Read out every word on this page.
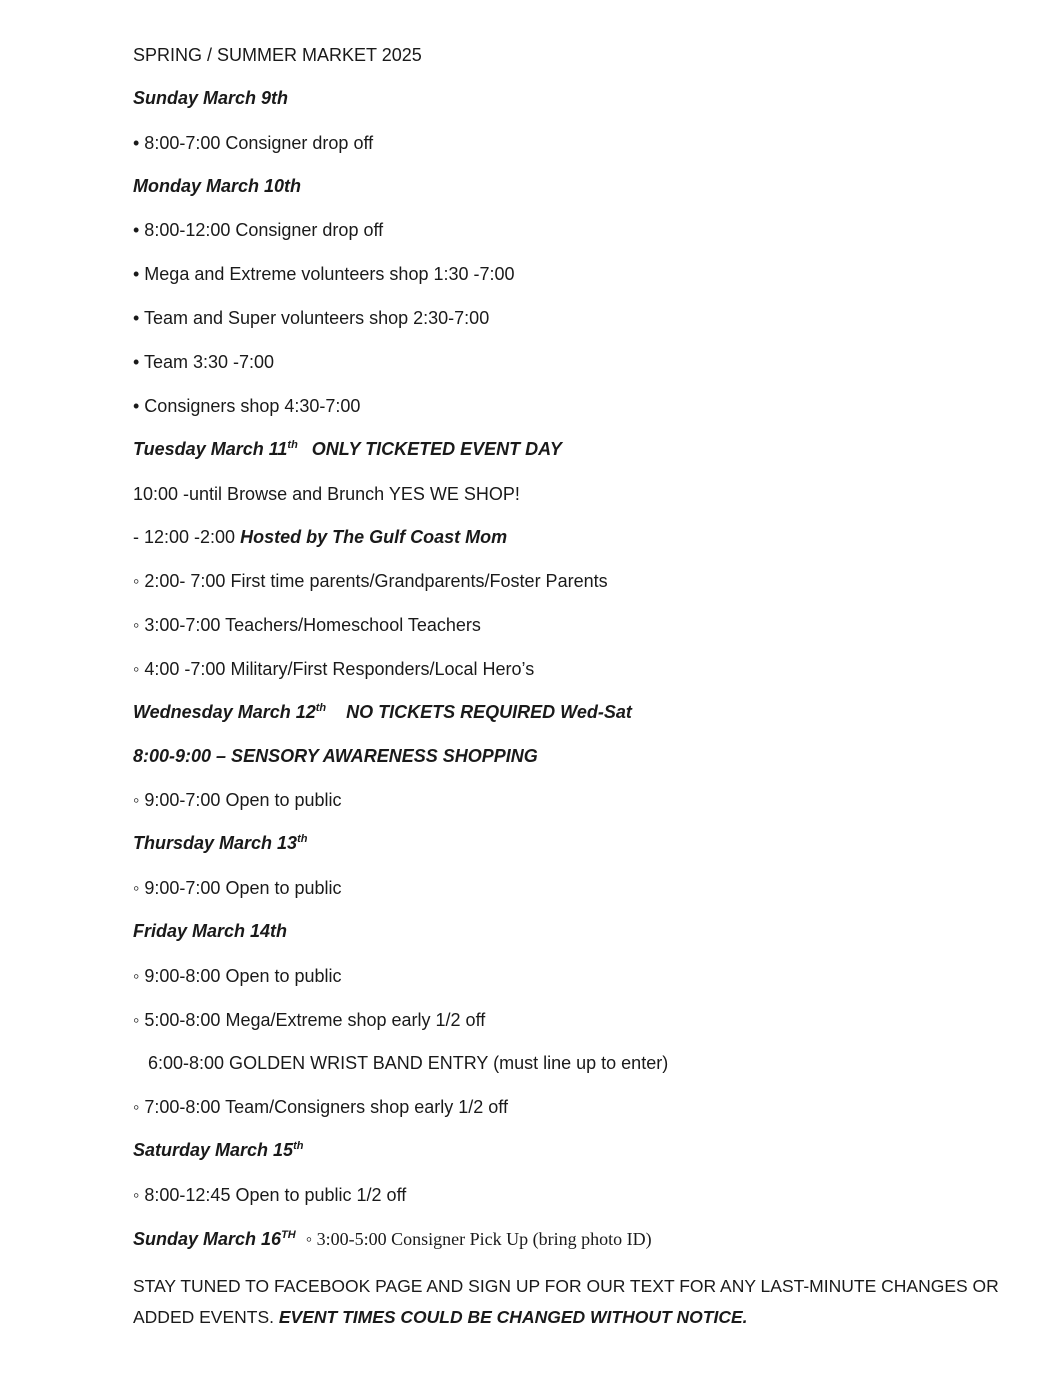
SPRING / SUMMER MARKET 2025
Sunday March 9th
• 8:00-7:00 Consigner drop off
Monday March 10th
• 8:00-12:00 Consigner drop off
• Mega and Extreme volunteers shop 1:30 -7:00
• Team and Super volunteers shop 2:30-7:00
• Team 3:30 -7:00
• Consigners shop 4:30-7:00
Tuesday March 11th ONLY TICKETED EVENT DAY
10:00 -until Browse and Brunch YES WE SHOP!
- 12:00 -2:00 Hosted by The Gulf Coast Mom
◦ 2:00- 7:00 First time parents/Grandparents/Foster Parents
◦ 3:00-7:00 Teachers/Homeschool Teachers
◦ 4:00 -7:00 Military/First Responders/Local Hero’s
Wednesday March 12th NO TICKETS REQUIRED Wed-Sat
8:00-9:00 – SENSORY AWARENESS SHOPPING
◦ 9:00-7:00 Open to public
Thursday March 13th
◦ 9:00-7:00 Open to public
Friday March 14th
◦ 9:00-8:00 Open to public
◦ 5:00-8:00 Mega/Extreme shop early 1/2 off
6:00-8:00 GOLDEN WRIST BAND ENTRY (must line up to enter)
◦ 7:00-8:00 Team/Consigners shop early 1/2 off
Saturday March 15th
◦ 8:00-12:45 Open to public 1/2 off
Sunday March 16TH ◦ 3:00-5:00 Consigner Pick Up (bring photo ID)
STAY TUNED TO FACEBOOK PAGE AND SIGN UP FOR OUR TEXT FOR ANY LAST-MINUTE CHANGES OR ADDED EVENTS. EVENT TIMES COULD BE CHANGED WITHOUT NOTICE.
